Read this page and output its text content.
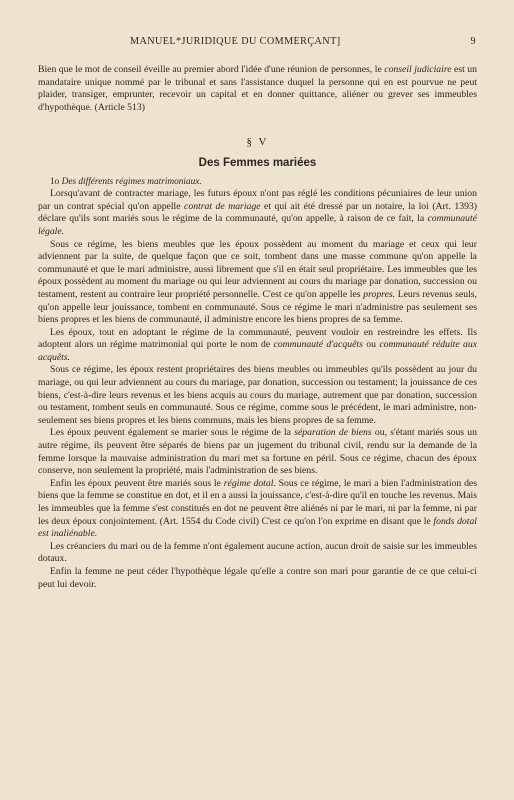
MANUEL*JURIDIQUE DU COMMERÇANT]	9

Bien que le mot de conseil éveille au premier abord l'idée d'une réunion de personnes, le conseil judiciaire est un mandataire unique nommé par le tribunal et sans l'assistance duquel la personne qui en est pourvue ne peut plaider, transiger, emprunter, recevoir un capital et en donner quittance, aliéner ou grever ses immeubles d'hypothèque. (Article 513)

§ V
Des Femmes mariées

1o Des différents régimes matrimoniaux.

Lorsqu'avant de contracter mariage, les futurs époux n'ont pas réglé les conditions pécuniaires de leur union par un contrat spécial qu'on appelle contrat de mariage et qui ait été dressé par un notaire, la loi (Art. 1393) déclare qu'ils sont mariés sous le régime de la communauté, qu'on appelle, à raison de ce fait, la communauté légale.

Sous ce régime, les biens meubles que les époux possèdent au moment du mariage et ceux qui leur adviennent par la suite, de quelque façon que ce soit, tombent dans une masse commune qu'on appelle la communauté et que le mari administre, aussi librement que s'il en était seul propriétaire. Les immeubles que les époux possèdent au moment du mariage ou qui leur adviennent au cours du mariage par donation, succession ou testament, restent au contraire leur propriété personnelle. C'est ce qu'on appelle les propres. Leurs revenus seuls, qu'on appelle leur jouissance, tombent en communauté. Sous ce régime le mari n'administre pas seulement ses biens propres et les biens de communauté, il administre encore les biens propres de sa femme.

Les époux, tout en adoptant le régime de la communauté, peuvent vouloir en restreindre les effets. Ils adoptent alors un régime matrimonial qui porte le nom de communauté d'acquêts ou communauté réduite aux acquêts.

Sous ce régime, les époux restent propriétaires des biens meubles ou immeubles qu'ils possèdent au jour du mariage, ou qui leur adviennent au cours du mariage, par donation, succession ou testament; la jouissance de ces biens, c'est-à-dire leurs revenus et les biens acquis au cours du mariage, autrement que par donation, succession ou testament, tombent seuls en communauté. Sous ce régime, comme sous le précédent, le mari administre, non-seulement ses biens propres et les biens communs, mais les biens propres de sa femme.

Les époux peuvent également se marier sous le régime de la séparation de biens ou, s'étant mariés sous un autre régime, ils peuvent être séparés de biens par un jugement du tribunal civil, rendu sur la demande de la femme lorsque la mauvaise administration du mari met sa fortune en péril. Sous ce régime, chacun des époux conserve, non seulement la propriété, mais l'administration de ses biens.

Enfin les époux peuvent être mariés sous le régime dotal. Sous ce régime, le mari a bien l'administration des biens que la femme se constitue en dot, et il en a aussi la jouissance, c'est-à-dire qu'il en touche les revenus. Mais les immeubles que la femme s'est constitués en dot ne peuvent être aliénés ni par le mari, ni par la femme, ni par les deux époux conjointement. (Art. 1554 du Code civil) C'est ce qu'on l'on exprime en disant que le fonds dotal est inaliénable.

Les créanciers du mari ou de la femme n'ont également aucune action, aucun droit de saisie sur les immeubles dotaux.

Enfin la femme ne peut céder l'hypothèque légale qu'elle a contre son mari pour garantie de ce que celui-ci peut lui devoir.
